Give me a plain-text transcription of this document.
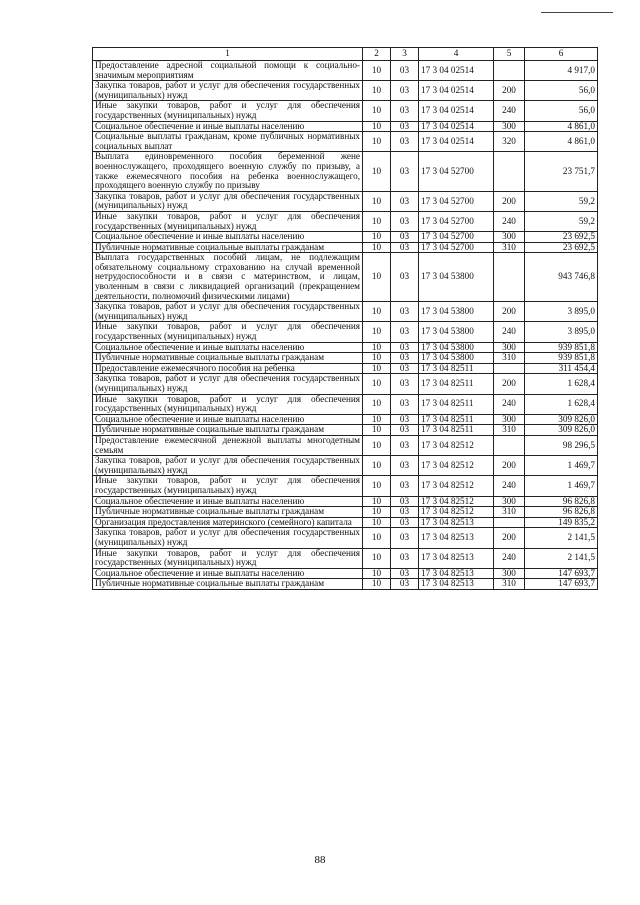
1	2	3	4	5	6
Предоставление адресной социальной помощи к социально-значимым мероприятиям	10	03	17 3 04 02514		4 917,0
Закупка товаров, работ и услуг для обеспечения государственных (муниципальных) нужд	10	03	17 3 04 02514	200	56,0
Иные закупки товаров, работ и услуг для обеспечения государственных (муниципальных) нужд	10	03	17 3 04 02514	240	56,0
Социальное обеспечение и иные выплаты населению	10	03	17 3 04 02514	300	4 861,0
Социальные выплаты гражданам, кроме публичных нормативных социальных выплат	10	03	17 3 04 02514	320	4 861,0
Выплата единовременного пособия беременной жене военнослужащего, проходящего военную службу по призыву, а также ежемесячного пособия на ребенка военнослужащего, проходящего военную службу по призыву	10	03	17 3 04 52700		23 751,7
Закупка товаров, работ и услуг для обеспечения государственных (муниципальных) нужд	10	03	17 3 04 52700	200	59,2
Иные закупки товаров, работ и услуг для обеспечения государственных (муниципальных) нужд	10	03	17 3 04 52700	240	59,2
Социальное обеспечение и иные выплаты населению	10	03	17 3 04 52700	300	23 692,5
Публичные нормативные социальные выплаты гражданам	10	03	17 3 04 52700	310	23 692,5
Выплата государственных пособий лицам, не подлежащим обязательному социальному страхованию на случай временной нетрудоспособности и в связи с материнством, и лицам, уволенным в связи с ликвидацией организаций (прекращением деятельности, полномочий физическими лицами)	10	03	17 3 04 53800		943 746,8
Закупка товаров, работ и услуг для обеспечения государственных (муниципальных) нужд	10	03	17 3 04 53800	200	3 895,0
Иные закупки товаров, работ и услуг для обеспечения государственных (муниципальных) нужд	10	03	17 3 04 53800	240	3 895,0
Социальное обеспечение и иные выплаты населению	10	03	17 3 04 53800	300	939 851,8
Публичные нормативные социальные выплаты гражданам	10	03	17 3 04 53800	310	939 851,8
Предоставление ежемесячного пособия на ребенка	10	03	17 3 04 82511		311 454,4
Закупка товаров, работ и услуг для обеспечения государственных (муниципальных) нужд	10	03	17 3 04 82511	200	1 628,4
Иные закупки товаров, работ и услуг для обеспечения государственных (муниципальных) нужд	10	03	17 3 04 82511	240	1 628,4
Социальное обеспечение и иные выплаты населению	10	03	17 3 04 82511	300	309 826,0
Публичные нормативные социальные выплаты гражданам	10	03	17 3 04 82511	310	309 826,0
Предоставление ежемесячной денежной выплаты многодетным семьям	10	03	17 3 04 82512		98 296,5
Закупка товаров, работ и услуг для обеспечения государственных (муниципальных) нужд	10	03	17 3 04 82512	200	1 469,7
Иные закупки товаров, работ и услуг для обеспечения государственных (муниципальных) нужд	10	03	17 3 04 82512	240	1 469,7
Социальное обеспечение и иные выплаты населению	10	03	17 3 04 82512	300	96 826,8
Публичные нормативные социальные выплаты гражданам	10	03	17 3 04 82512	310	96 826,8
Организация предоставления материнского (семейного) капитала	10	03	17 3 04 82513		149 835,2
Закупка товаров, работ и услуг для обеспечения государственных (муниципальных) нужд	10	03	17 3 04 82513	200	2 141,5
Иные закупки товаров, работ и услуг для обеспечения государственных (муниципальных) нужд	10	03	17 3 04 82513	240	2 141,5
Социальное обеспечение и иные выплаты населению	10	03	17 3 04 82513	300	147 693,7
Публичные нормативные социальные выплаты гражданам	10	03	17 3 04 82513	310	147 693,7
88
